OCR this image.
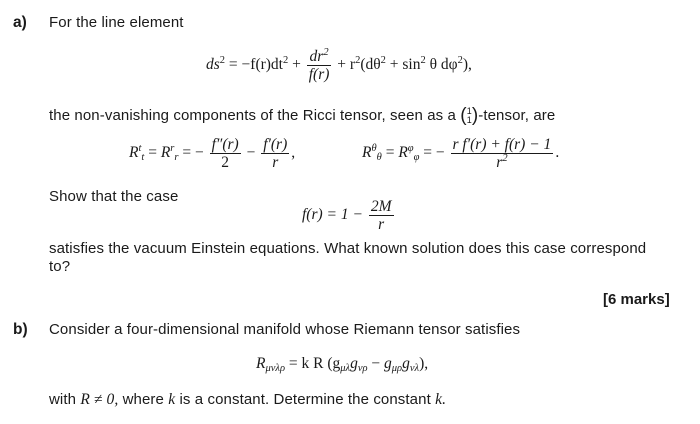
a) For the line element
$ds^2 = -f(r)dt^2 + \frac{dr^2}{f(r)} + r^2(d\theta^2 + \sin^2 \theta$ $d\varphi^2$),
the non-vanishing components of the Ricci tensor, seen as a ( 1
1 )-tensor, are
$R^t_t = R^r_r$ = − $\frac{f''(r)}{2} - \frac{f'(r)}{r}$ ,	$R^\theta_\theta = R^\varphi_\varphi$ = − $\frac{\text{r f′(r) + f(r) − 1}}{r^2}$ .
Show that the case
$f(r) = 1 - \frac{2M}{r}$
satisfies the vacuum Einstein equations. What known solution does this case correspond
to?
[6 marks]
b) Consider a four-dimensional manifold whose Riemann tensor satisfies
$R_{\mu\nu\lambda\rho} = k$ R $(g_{\mu\lambda}g_{\nu\rho} - g_{\mu\rho}g_{\nu\lambda})$,
with R ≠ 0, where k is a constant. Determine the constant k.
